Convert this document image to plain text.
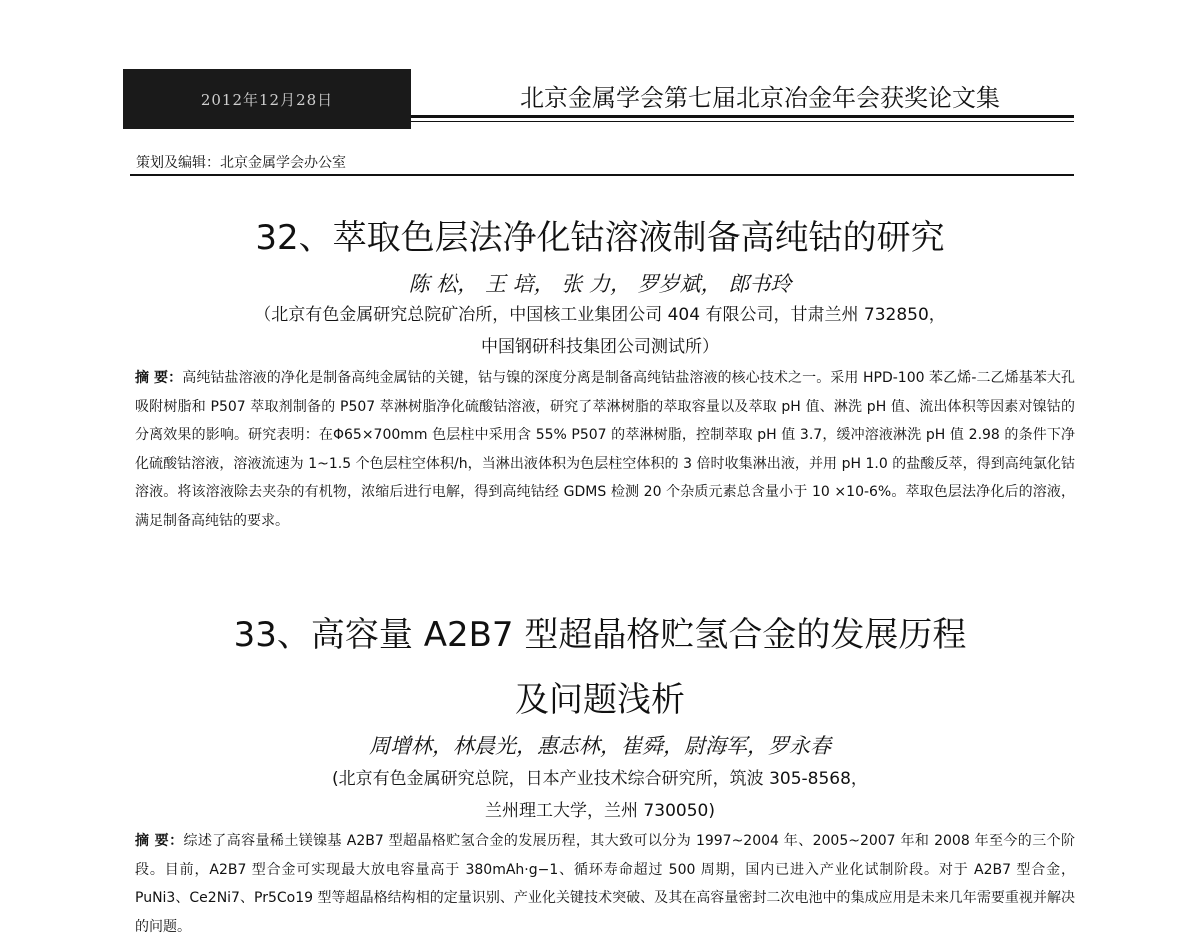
2012年12月28日	北京金属学会第七届北京冶金年会获奖论文集
策划及编辑：北京金属学会办公室
32、萃取色层法净化钴溶液制备高纯钴的研究
陈 松， 王 培， 张 力， 罗岁斌， 郎书玲
（北京有色金属研究总院矿冶所，中国核工业集团公司 404 有限公司，甘肃兰州 732850，
中国钢研科技集团公司测试所）

摘 要：高纯钴盐溶液的净化是制备高纯金属钴的关键，钴与镍的深度分离是制备高纯钴盐溶液的核心技术之一。采用 HPD-100 苯乙烯-二乙烯基苯大孔吸附树脂和 P507 萃取剂制备的 P507 萃淋树脂净化硫酸钴溶液，研究了萃淋树脂的萃取容量以及萃取 pH 值、淋洗 pH 值、流出体积等因素对镍钴的分离效果的影响。研究表明：在Φ65×700mm 色层柱中采用含 55% P507 的萃淋树脂，控制萃取 pH 值 3.7，缓冲溶液淋洗 pH 值 2.98 的条件下净化硫酸钴溶液，溶液流速为 1~1.5 个色层柱空体积/h，当淋出液体积为色层柱空体积的 3 倍时收集淋出液，并用 pH 1.0 的盐酸反萃，得到高纯氯化钴溶液。将该溶液除去夹杂的有机物，浓缩后进行电解，得到高纯钴经 GDMS 检测 20 个杂质元素总含量小于 10 ×10-6%。萃取色层法净化后的溶液，满足制备高纯钴的要求。

33、高容量 A2B7 型超晶格贮氢合金的发展历程
及问题浅析
周增林，林晨光，惠志林，崔舜，尉海军，罗永春
(北京有色金属研究总院，日本产业技术综合研究所，筑波 305-8568，
兰州理工大学，兰州 730050)

摘 要：综述了高容量稀土镁镍基 A2B7 型超晶格贮氢合金的发展历程，其大致可以分为 1997~2004 年、2005~2007 年和 2008 年至今的三个阶段。目前，A2B7 型合金可实现最大放电容量高于 380mAh·g−1、循环寿命超过 500 周期，国内已进入产业化试制阶段。对于 A2B7 型合金，PuNi3、Ce2Ni7、Pr5Co19 型等超晶格结构相的定量识别、产业化关键技术突破、及其在高容量密封二次电池中的集成应用是未来几年需要重视并解决的问题。
